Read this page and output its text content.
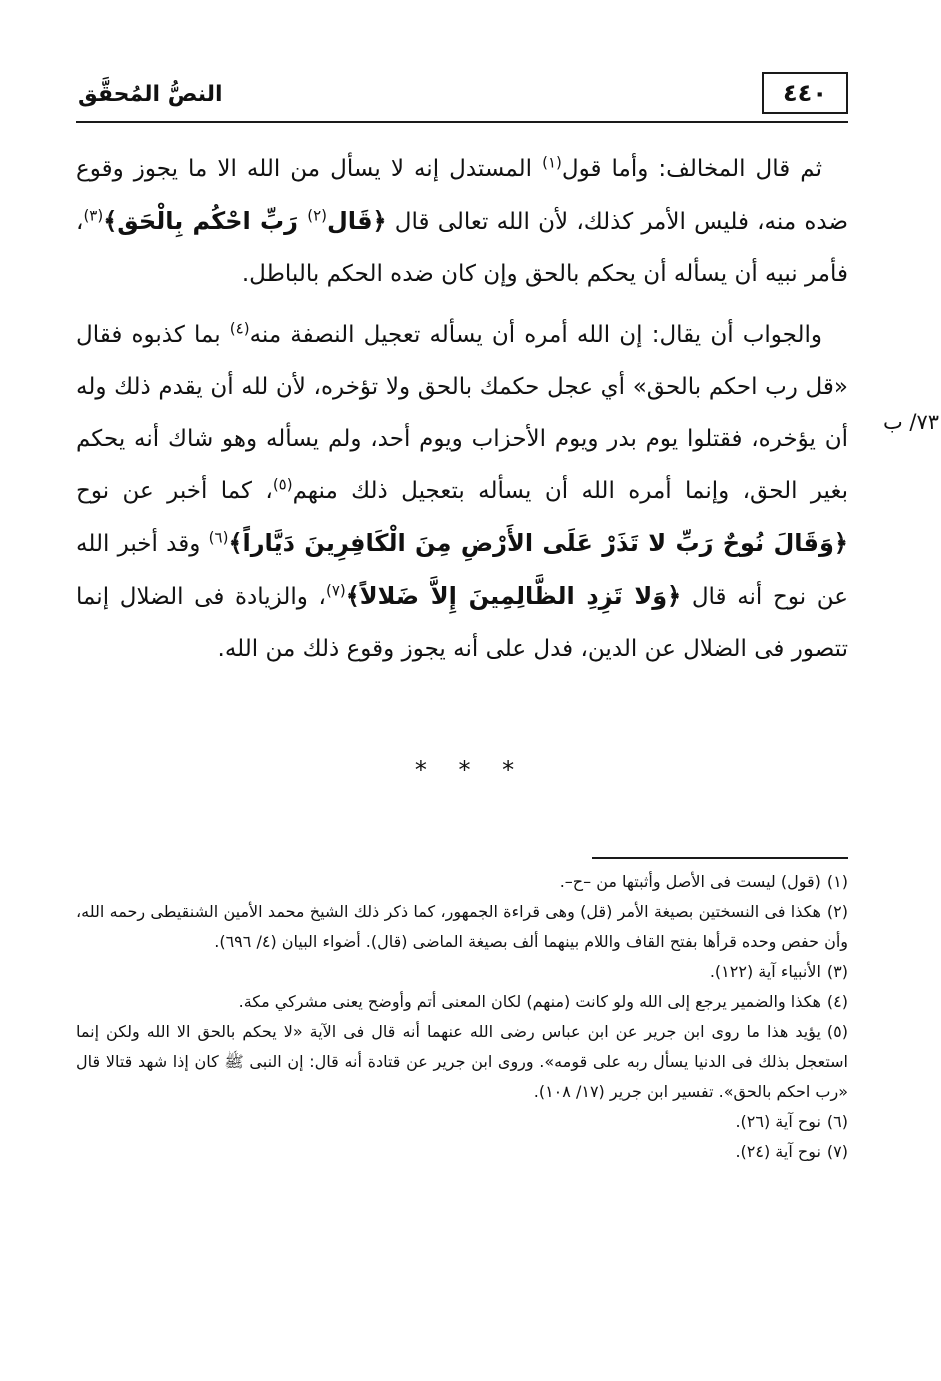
النصُّ المُحقَّق	٤٤٠
٧٣/ ب

ثم قال المخالف: وأما قول$^{(١)}$ المستدل إنه لا يسأل من الله الا ما يجوز وقوع ضده منه، فليس الأمر كذلك، لأن الله تعالى قال ﴿قَال$^{(٢)}$ رَبِّ احْكُم بِالْحَق﴾$^{(٣)}$، فأمر نبيه أن يسأله أن يحكم بالحق وإن كان ضده الحكم بالباطل.

والجواب أن يقال: إن الله أمره أن يسأله تعجيل النصفة منه$^{(٤)}$ بما كذبوه فقال «قل رب احكم بالحق» أي عجل حكمك بالحق ولا تؤخره، لأن لله أن يقدم ذلك وله أن يؤخره، فقتلوا يوم بدر ويوم الأحزاب ويوم أحد، ولم يسأله وهو شاك أنه يحكم بغير الحق، وإنما أمره الله أن يسأله بتعجيل ذلك منهم$^{(٥)}$، كما أخبر عن نوح ﴿وَقَالَ نُوحٌ رَبِّ لا تَذَرْ عَلَى الأَرْضِ مِنَ الْكَافِرِينَ دَيَّاراً﴾$^{(٦)}$ وقد أخبر الله عن نوح أنه قال ﴿وَلا تَزِدِ الظَّالِمِينَ إِلاَّ ضَلالاً﴾$^{(٧)}$، والزيادة فى الضلال إنما تتصور فى الضلال عن الدين، فدل على أنه يجوز وقوع ذلك من الله.

* * *

(١)(قول) ليست فى الأصل وأثبتها من –ح–.

(٢)هكذا فى النسختين بصيغة الأمر (قل) وهى قراءة الجمهور، كما ذكر ذلك الشيخ محمد الأمين الشنقيطى رحمه الله، وأن حفص وحده قرأها بفتح القاف واللام بينهما ألف بصيغة الماضى (قال). أضواء البيان (٤/ ٦٩٦).

(٣)الأنبياء آية (١٢٢).

(٤)هكذا والضمير يرجع إلى الله ولو كانت (منهم) لكان المعنى أتم وأوضح يعنى مشركي مكة.

(٥)يؤيد هذا ما روى ابن جرير عن ابن عباس رضى الله عنهما أنه قال فى الآية «لا يحكم بالحق الا الله ولكن إنما استعجل بذلك فى الدنيا يسأل ربه على قومه». وروى ابن جرير عن قتادة أنه قال: إن النبى ﷺ كان إذا شهد قتالا قال «رب احكم بالحق». تفسير ابن جرير (١٧/ ١٠٨).

(٦)نوح آية (٢٦).

(٧)نوح آية (٢٤).
